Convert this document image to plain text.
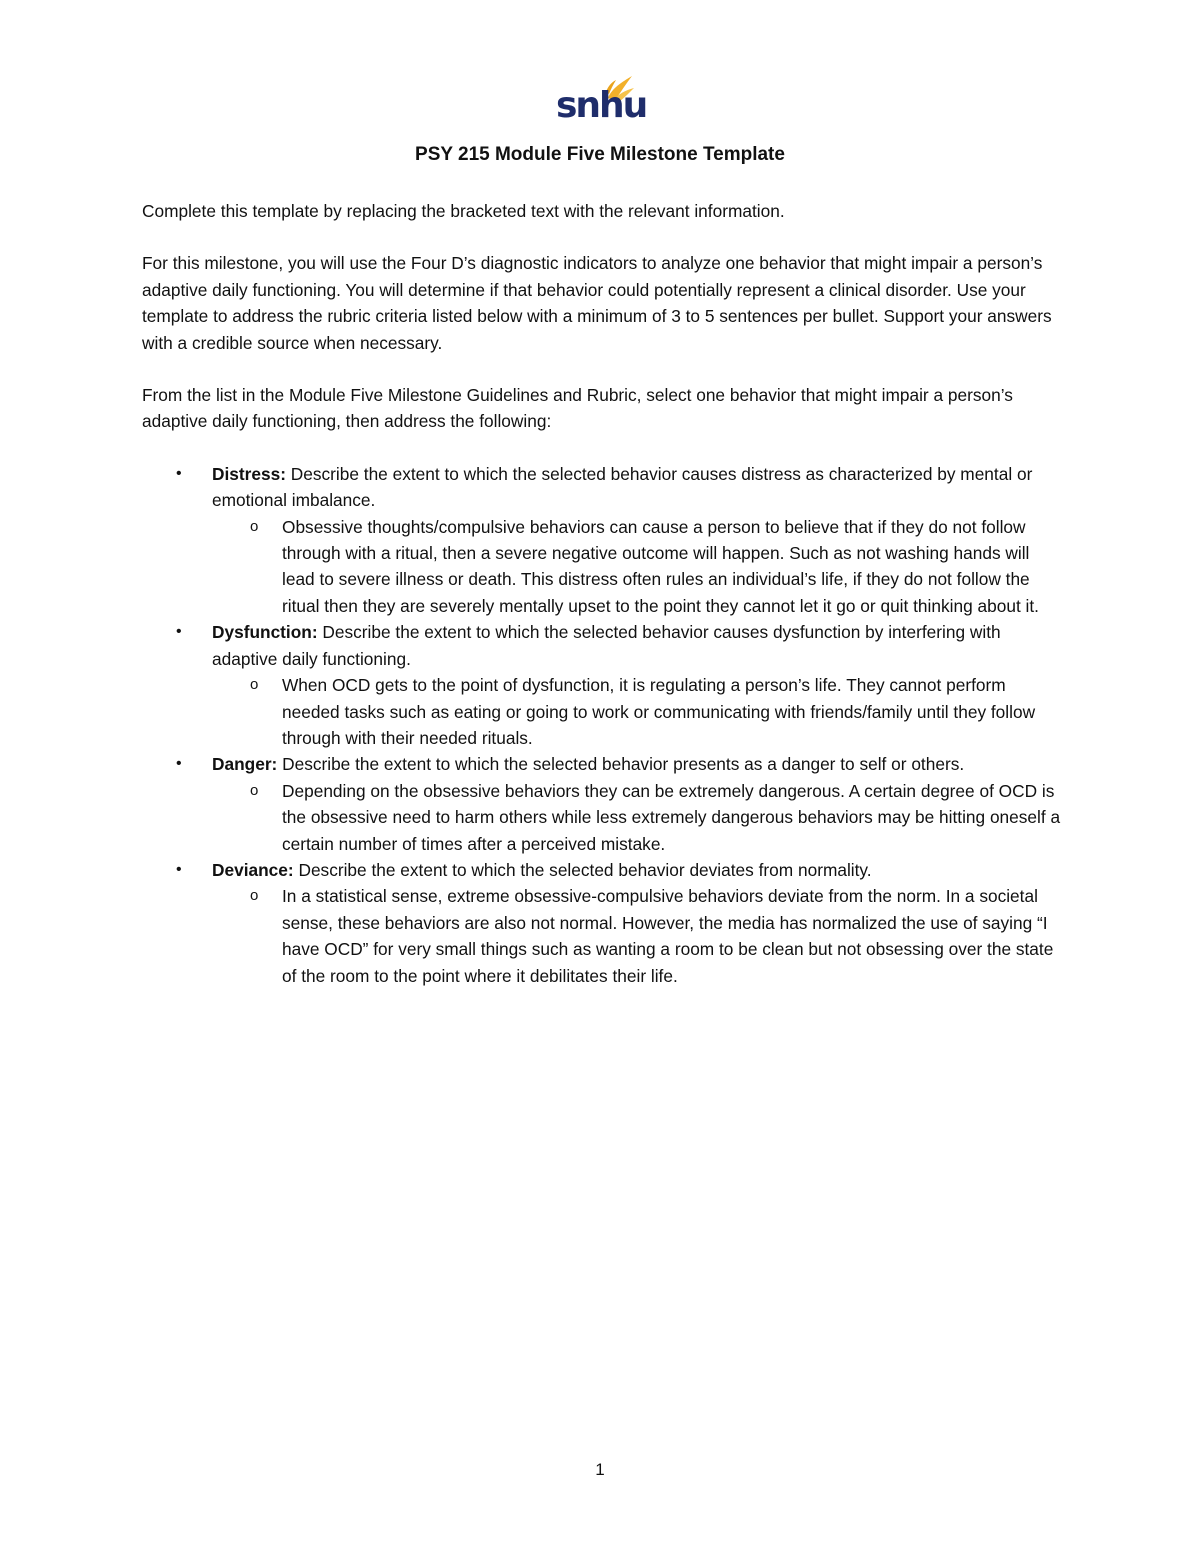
snhu
PSY 215 Module Five Milestone Template

Complete this template by replacing the bracketed text with the relevant information.

For this milestone, you will use the Four D’s diagnostic indicators to analyze one behavior that might impair a person’s adaptive daily functioning. You will determine if that behavior could potentially represent a clinical disorder. Use your template to address the rubric criteria listed below with a minimum of 3 to 5 sentences per bullet. Support your answers with a credible source when necessary.

From the list in the Module Five Milestone Guidelines and Rubric, select one behavior that might impair a person’s adaptive daily functioning, then address the following:

• Distress: Describe the extent to which the selected behavior causes distress as characterized by mental or emotional imbalance.
o Obsessive thoughts/compulsive behaviors can cause a person to believe that if they do not follow through with a ritual, then a severe negative outcome will happen. Such as not washing hands will lead to severe illness or death. This distress often rules an individual’s life, if they do not follow the ritual then they are severely mentally upset to the point they cannot let it go or quit thinking about it.
• Dysfunction: Describe the extent to which the selected behavior causes dysfunction by interfering with adaptive daily functioning.
o When OCD gets to the point of dysfunction, it is regulating a person’s life. They cannot perform needed tasks such as eating or going to work or communicating with friends/family until they follow through with their needed rituals.
• Danger: Describe the extent to which the selected behavior presents as a danger to self or others.
o Depending on the obsessive behaviors they can be extremely dangerous. A certain degree of OCD is the obsessive need to harm others while less extremely dangerous behaviors may be hitting oneself a certain number of times after a perceived mistake.
• Deviance: Describe the extent to which the selected behavior deviates from normality.
o In a statistical sense, extreme obsessive-compulsive behaviors deviate from the norm. In a societal sense, these behaviors are also not normal. However, the media has normalized the use of saying “I have OCD” for very small things such as wanting a room to be clean but not obsessing over the state of the room to the point where it debilitates their life.
1
